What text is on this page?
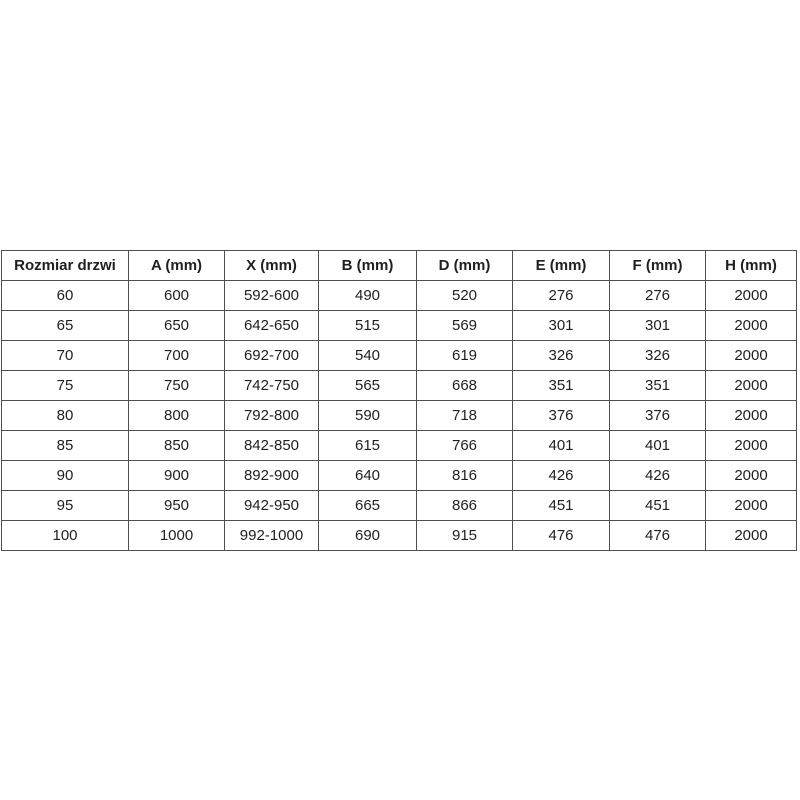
Rozmiar drzwi	A (mm)	X (mm)	B (mm)	D (mm)	E (mm)	F (mm)	H (mm)
60	600	592-600	490	520	276	276	2000
65	650	642-650	515	569	301	301	2000
70	700	692-700	540	619	326	326	2000
75	750	742-750	565	668	351	351	2000
80	800	792-800	590	718	376	376	2000
85	850	842-850	615	766	401	401	2000
90	900	892-900	640	816	426	426	2000
95	950	942-950	665	866	451	451	2000
100	1000	992-1000	690	915	476	476	2000
